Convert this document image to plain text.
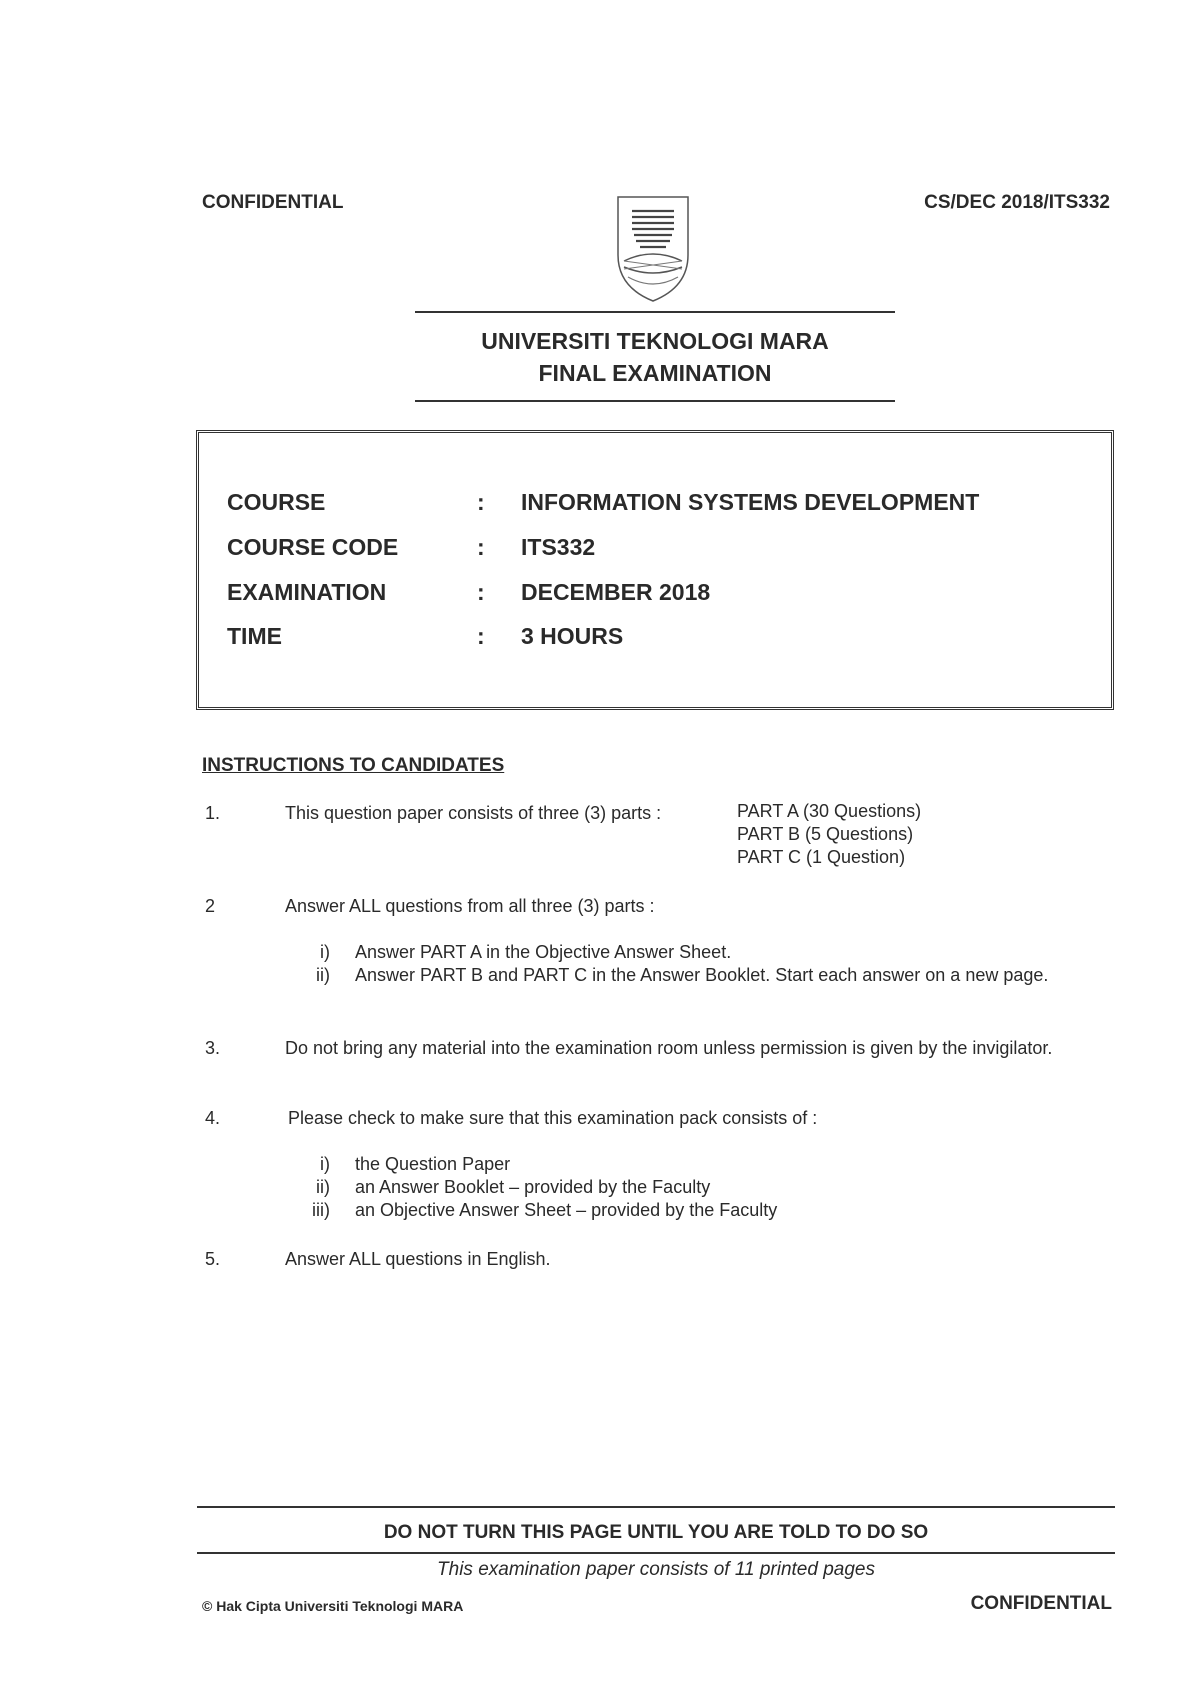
CONFIDENTIAL	CS/DEC 2018/ITS332
UNIVERSITI TEKNOLOGI MARA
FINAL EXAMINATION
COURSE	: INFORMATION SYSTEMS DEVELOPMENT
COURSE CODE	: ITS332
EXAMINATION	: DECEMBER 2018
TIME	: 3 HOURS
INSTRUCTIONS TO CANDIDATES
1.	This question paper consists of three (3) parts :	PART A (30 Questions)
PART B (5 Questions)
PART C (1 Question)
2	Answer ALL questions from all three (3) parts :
i) Answer PART A in the Objective Answer Sheet.
ii) Answer PART B and PART C in the Answer Booklet. Start each answer on a new page.
3.	Do not bring any material into the examination room unless permission is given by the invigilator.
4.	Please check to make sure that this examination pack consists of :
i) the Question Paper
ii) an Answer Booklet – provided by the Faculty
iii) an Objective Answer Sheet – provided by the Faculty
5.	Answer ALL questions in English.
DO NOT TURN THIS PAGE UNTIL YOU ARE TOLD TO DO SO
This examination paper consists of 11 printed pages
© Hak Cipta Universiti Teknologi MARA	CONFIDENTIAL
